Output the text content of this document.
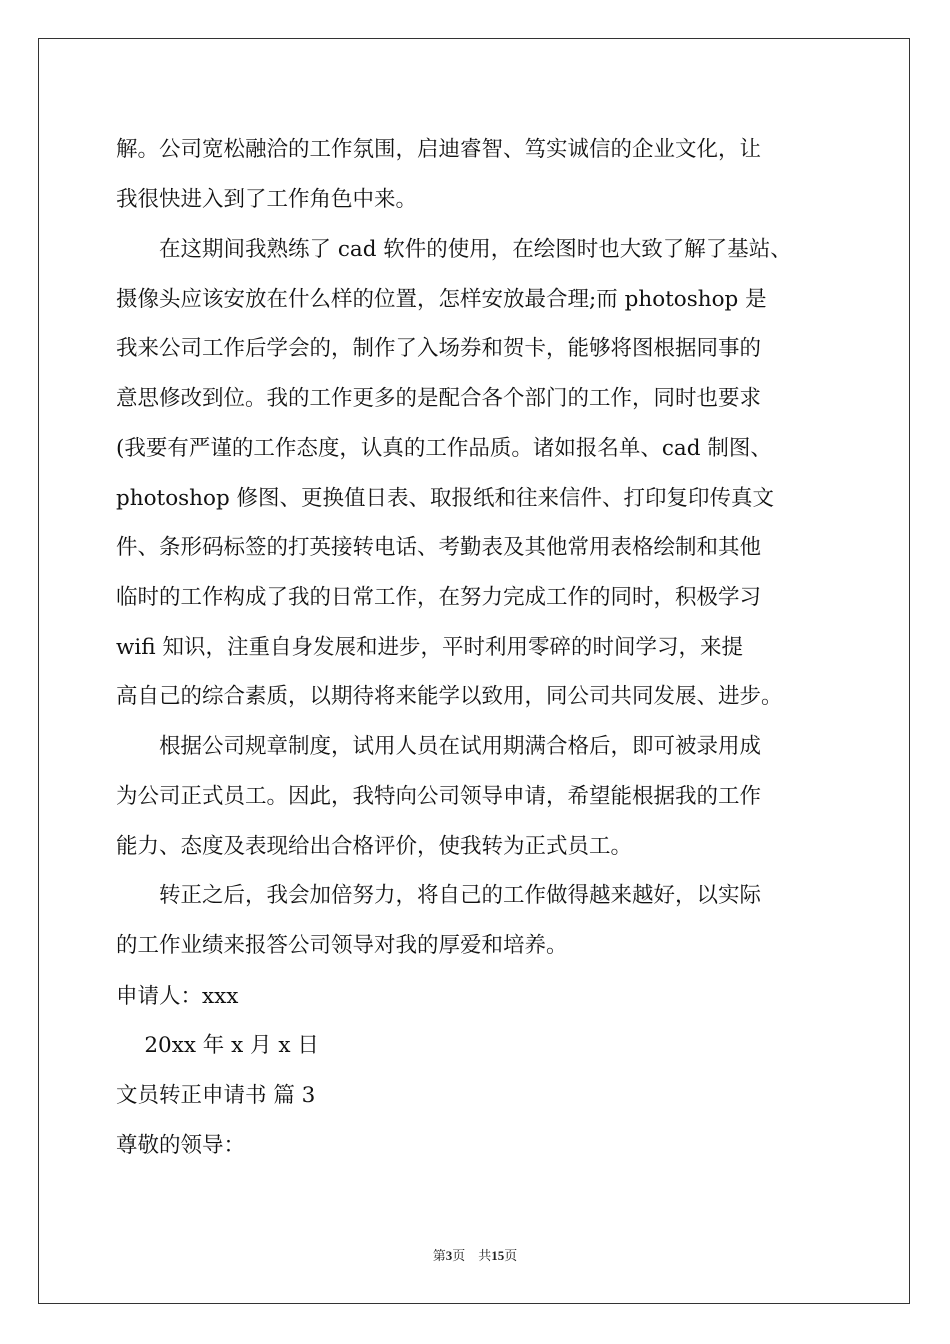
解。公司宽松融洽的工作氛围，启迪睿智、笃实诚信的企业文化，让

我很快进入到了工作角色中来。

　　在这期间我熟练了 cad 软件的使用，在绘图时也大致了解了基站、

摄像头应该安放在什么样的位置，怎样安放最合理;而 photoshop 是

我来公司工作后学会的，制作了入场券和贺卡，能够将图根据同事的

意思修改到位。我的工作更多的是配合各个部门的工作，同时也要求

(我要有严谨的工作态度，认真的工作品质。诸如报名单、cad 制图、

photoshop 修图、更换值日表、取报纸和往来信件、打印复印传真文

件、条形码标签的打英接转电话、考勤表及其他常用表格绘制和其他

临时的工作构成了我的日常工作，在努力完成工作的同时，积极学习

wifi 知识，注重自身发展和进步，平时利用零碎的时间学习，来提

高自己的综合素质，以期待将来能学以致用，同公司共同发展、进步。

　　根据公司规章制度，试用人员在试用期满合格后，即可被录用成

为公司正式员工。因此，我特向公司领导申请，希望能根据我的工作

能力、态度及表现给出合格评价，使我转为正式员工。

　　转正之后，我会加倍努力，将自己的工作做得越来越好，以实际

的工作业绩来报答公司领导对我的厚爱和培养。

申请人：xxx

　 20xx 年 x 月 x 日

文员转正申请书 篇 3

尊敬的领导：

第3页　共15页
